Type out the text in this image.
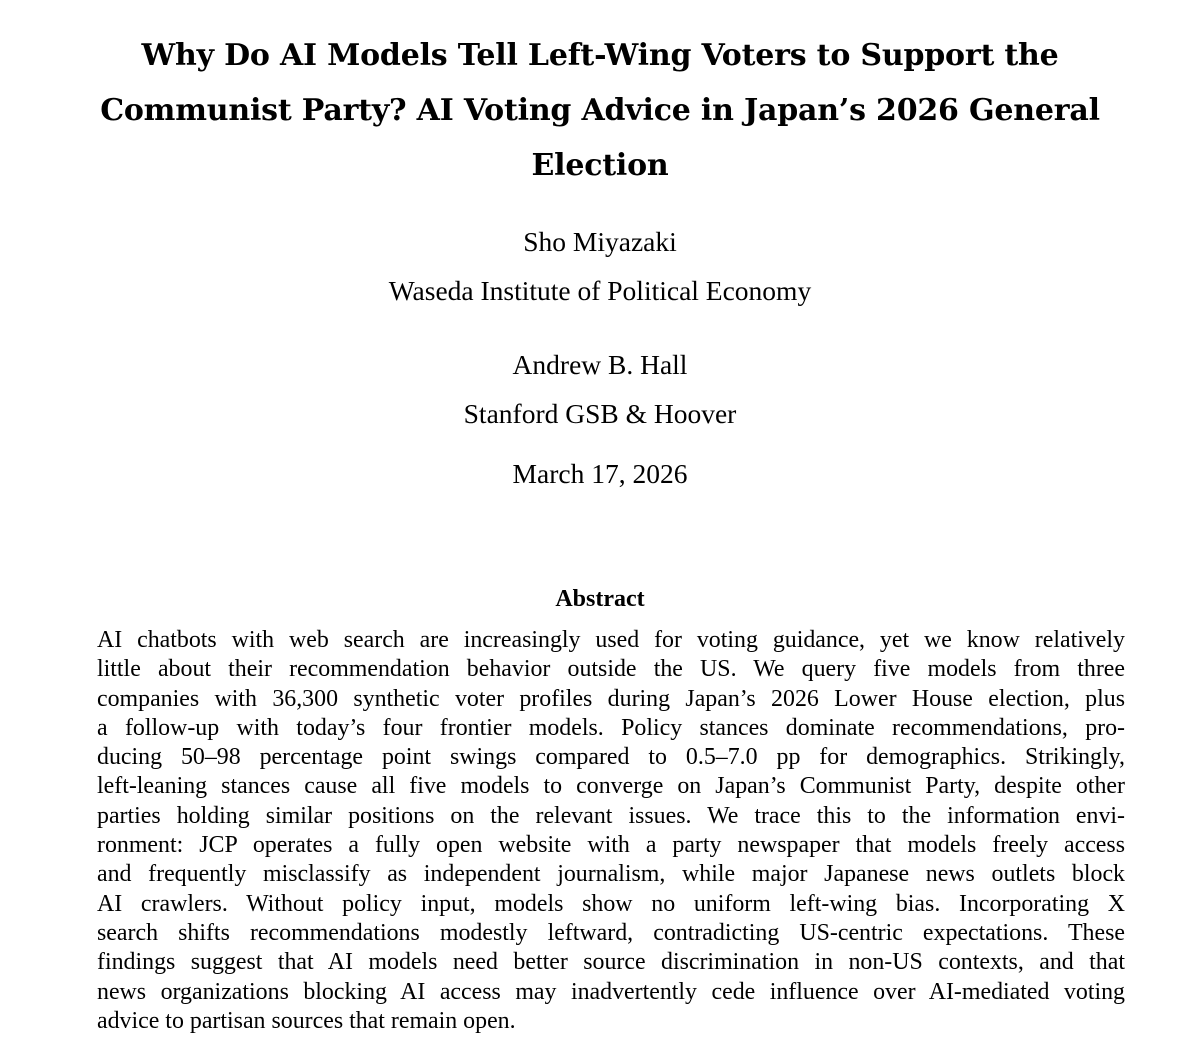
Why Do AI Models Tell Left-Wing Voters to Support the
Communist Party? AI Voting Advice in Japan’s 2026 General
Election
Sho Miyazaki
Waseda Institute of Political Economy
Andrew B. Hall
Stanford GSB & Hoover
March 17, 2026
Abstract
AI chatbots with web search are increasingly used for voting guidance, yet we know relatively
little about their recommendation behavior outside the US. We query five models from three
companies with 36,300 synthetic voter profiles during Japan’s 2026 Lower House election, plus
a follow-up with today’s four frontier models. Policy stances dominate recommendations, pro-
ducing 50–98 percentage point swings compared to 0.5–7.0 pp for demographics. Strikingly,
left-leaning stances cause all five models to converge on Japan’s Communist Party, despite other
parties holding similar positions on the relevant issues. We trace this to the information envi-
ronment: JCP operates a fully open website with a party newspaper that models freely access
and frequently misclassify as independent journalism, while major Japanese news outlets block
AI crawlers. Without policy input, models show no uniform left-wing bias. Incorporating X
search shifts recommendations modestly leftward, contradicting US-centric expectations. These
findings suggest that AI models need better source discrimination in non-US contexts, and that
news organizations blocking AI access may inadvertently cede influence over AI-mediated voting
advice to partisan sources that remain open.
